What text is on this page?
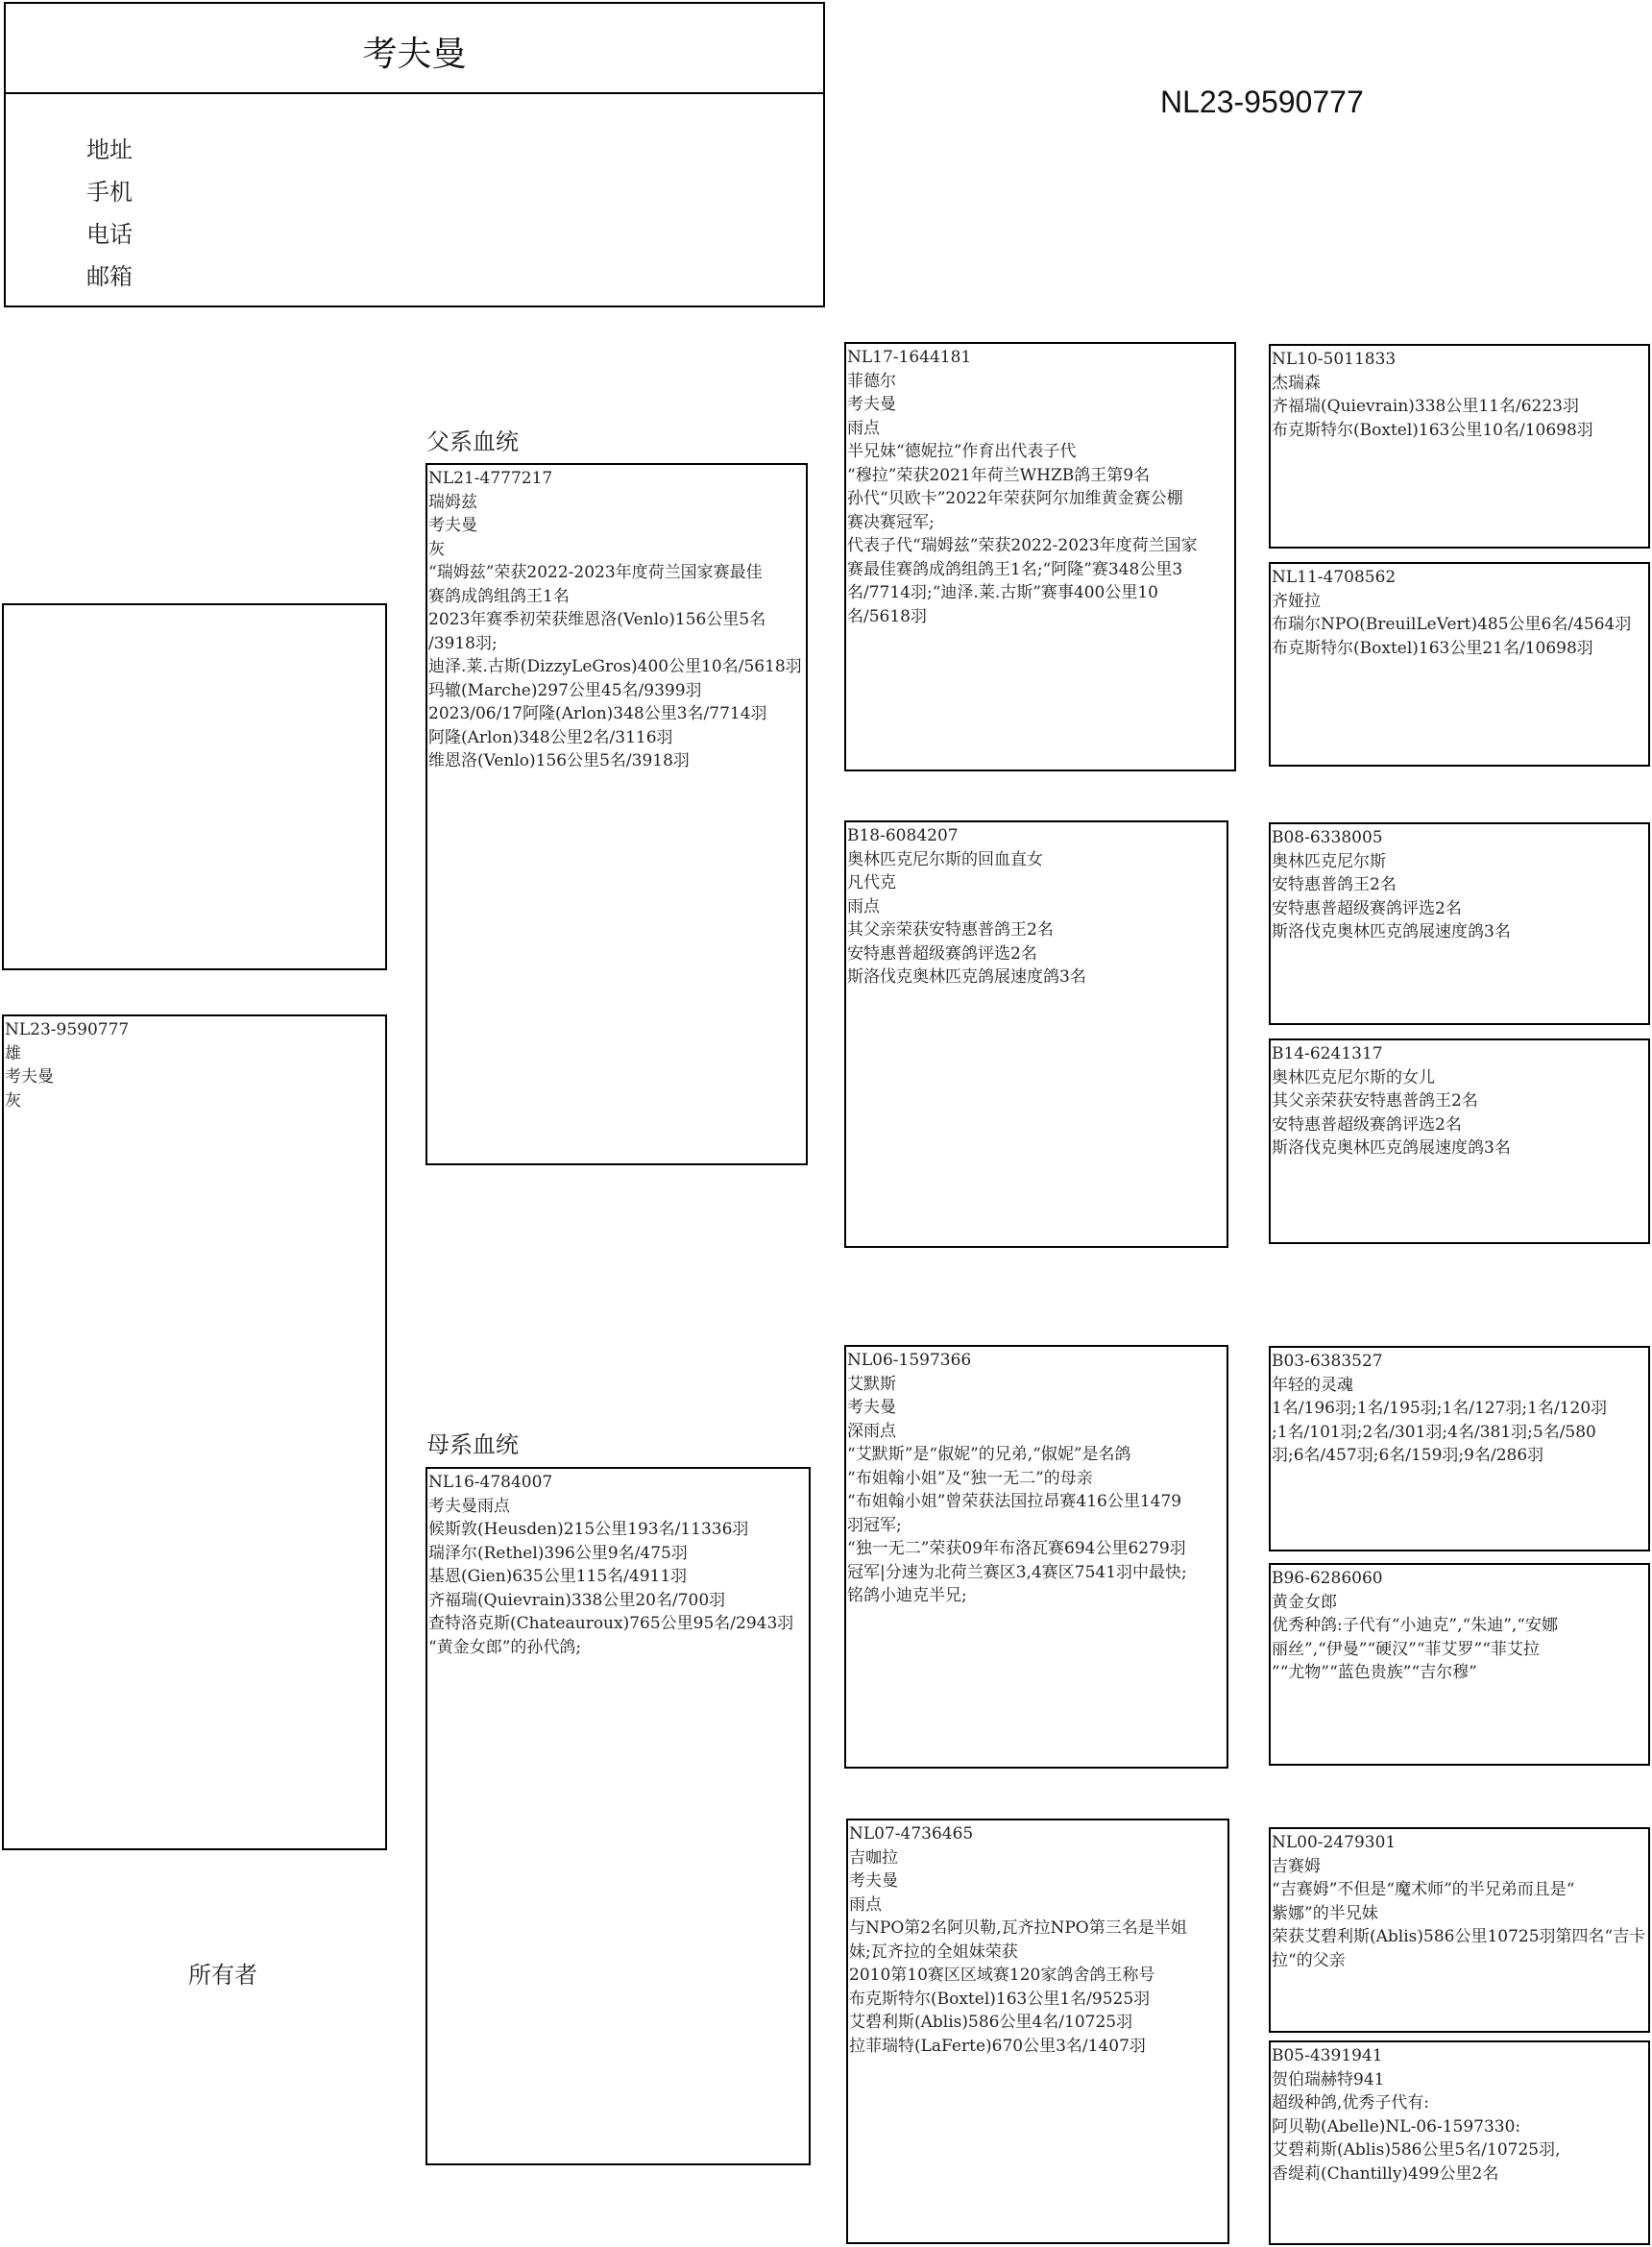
考夫曼
地址
手机
电话
邮箱
NL23-9590777
父系血统
母系血统
所有者
NL23-9590777
雄
考夫曼
灰
NL21-4777217
瑞姆兹
考夫曼
灰
“瑞姆兹”荣获2022-2023年度荷兰国家赛最佳
赛鸽成鸽组鸽王1名
2023年赛季初荣获维恩洛(Venlo)156公里5名
/3918羽;
迪泽.莱.古斯(DizzyLeGros)400公里10名/5618羽
玛辙(Marche)297公里45名/9399羽
2023/06/17阿隆(Arlon)348公里3名/7714羽
阿隆(Arlon)348公里2名/3116羽
维恩洛(Venlo)156公里5名/3918羽
NL16-4784007
考夫曼雨点
候斯敦(Heusden)215公里193名/11336羽
瑞泽尔(Rethel)396公里9名/475羽
基恩(Gien)635公里115名/4911羽
齐福瑞(Quievrain)338公里20名/700羽
查特洛克斯(Chateauroux)765公里95名/2943羽
“黄金女郎”的孙代鸽;
NL17-1644181
菲德尔
考夫曼
雨点
半兄妹“德妮拉”作育出代表子代
“穆拉”荣获2021年荷兰WHZB鸽王第9名
孙代“贝欧卡”2022年荣获阿尔加维黄金赛公棚
赛决赛冠军;
代表子代“瑞姆兹”荣获2022-2023年度荷兰国家
赛最佳赛鸽成鸽组鸽王1名;“阿隆”赛348公里3
名/7714羽;“迪泽.莱.古斯”赛事400公里10
名/5618羽
B18-6084207
奥林匹克尼尔斯的回血直女
凡代克
雨点
其父亲荣获安特惠普鸽王2名
安特惠普超级赛鸽评选2名
斯洛伐克奥林匹克鸽展速度鸽3名
NL06-1597366
艾默斯
考夫曼
深雨点
“艾默斯”是“俶妮”的兄弟,“俶妮”是名鸽
“布姐翰小姐”及“独一无二”的母亲
“布姐翰小姐”曾荣获法国拉昂赛416公里1479
羽冠军;
“独一无二”荣获09年布洛瓦赛694公里6279羽
冠军|分速为北荷兰赛区3,4赛区7541羽中最快;
铭鸽小迪克半兄;
NL07-4736465
吉咖拉
考夫曼
雨点
与NPO第2名阿贝勒,瓦齐拉NPO第三名是半姐
妹;瓦齐拉的全姐妹荣获
2010第10赛区区域赛120家鸽舍鸽王称号
布克斯特尔(Boxtel)163公里1名/9525羽
艾碧利斯(Ablis)586公里4名/10725羽
拉菲瑞特(LaFerte)670公里3名/1407羽
NL10-5011833
杰瑞森
齐福瑞(Quievrain)338公里11名/6223羽
布克斯特尔(Boxtel)163公里10名/10698羽
NL11-4708562
齐娅拉
布瑞尔NPO(BreuilLeVert)485公里6名/4564羽
布克斯特尔(Boxtel)163公里21名/10698羽
B08-6338005
奥林匹克尼尔斯
安特惠普鸽王2名
安特惠普超级赛鸽评选2名
斯洛伐克奥林匹克鸽展速度鸽3名
B14-6241317
奥林匹克尼尔斯的女儿
其父亲荣获安特惠普鸽王2名
安特惠普超级赛鸽评选2名
斯洛伐克奥林匹克鸽展速度鸽3名
B03-6383527
年轻的灵魂
1名/196羽;1名/195羽;1名/127羽;1名/120羽
;1名/101羽;2名/301羽;4名/381羽;5名/580
羽;6名/457羽;6名/159羽;9名/286羽
B96-6286060
黄金女郎
优秀种鸽:子代有“小迪克”,“朱迪”,“安娜
丽丝”,“伊曼”“硬汉”“菲艾罗”“菲艾拉
”“尤物”“蓝色贵族”“吉尔穆”
NL00-2479301
吉赛姆
“吉赛姆”不但是“魔术师”的半兄弟而且是“
紫娜”的半兄妹
荣获艾碧利斯(Ablis)586公里10725羽第四名“吉卡
拉“的父亲
B05-4391941
贺伯瑞赫特941
超级种鸽,优秀子代有:
阿贝勒(Abelle)NL-06-1597330:
艾碧莉斯(Ablis)586公里5名/10725羽,
香缇莉(Chantilly)499公里2名
